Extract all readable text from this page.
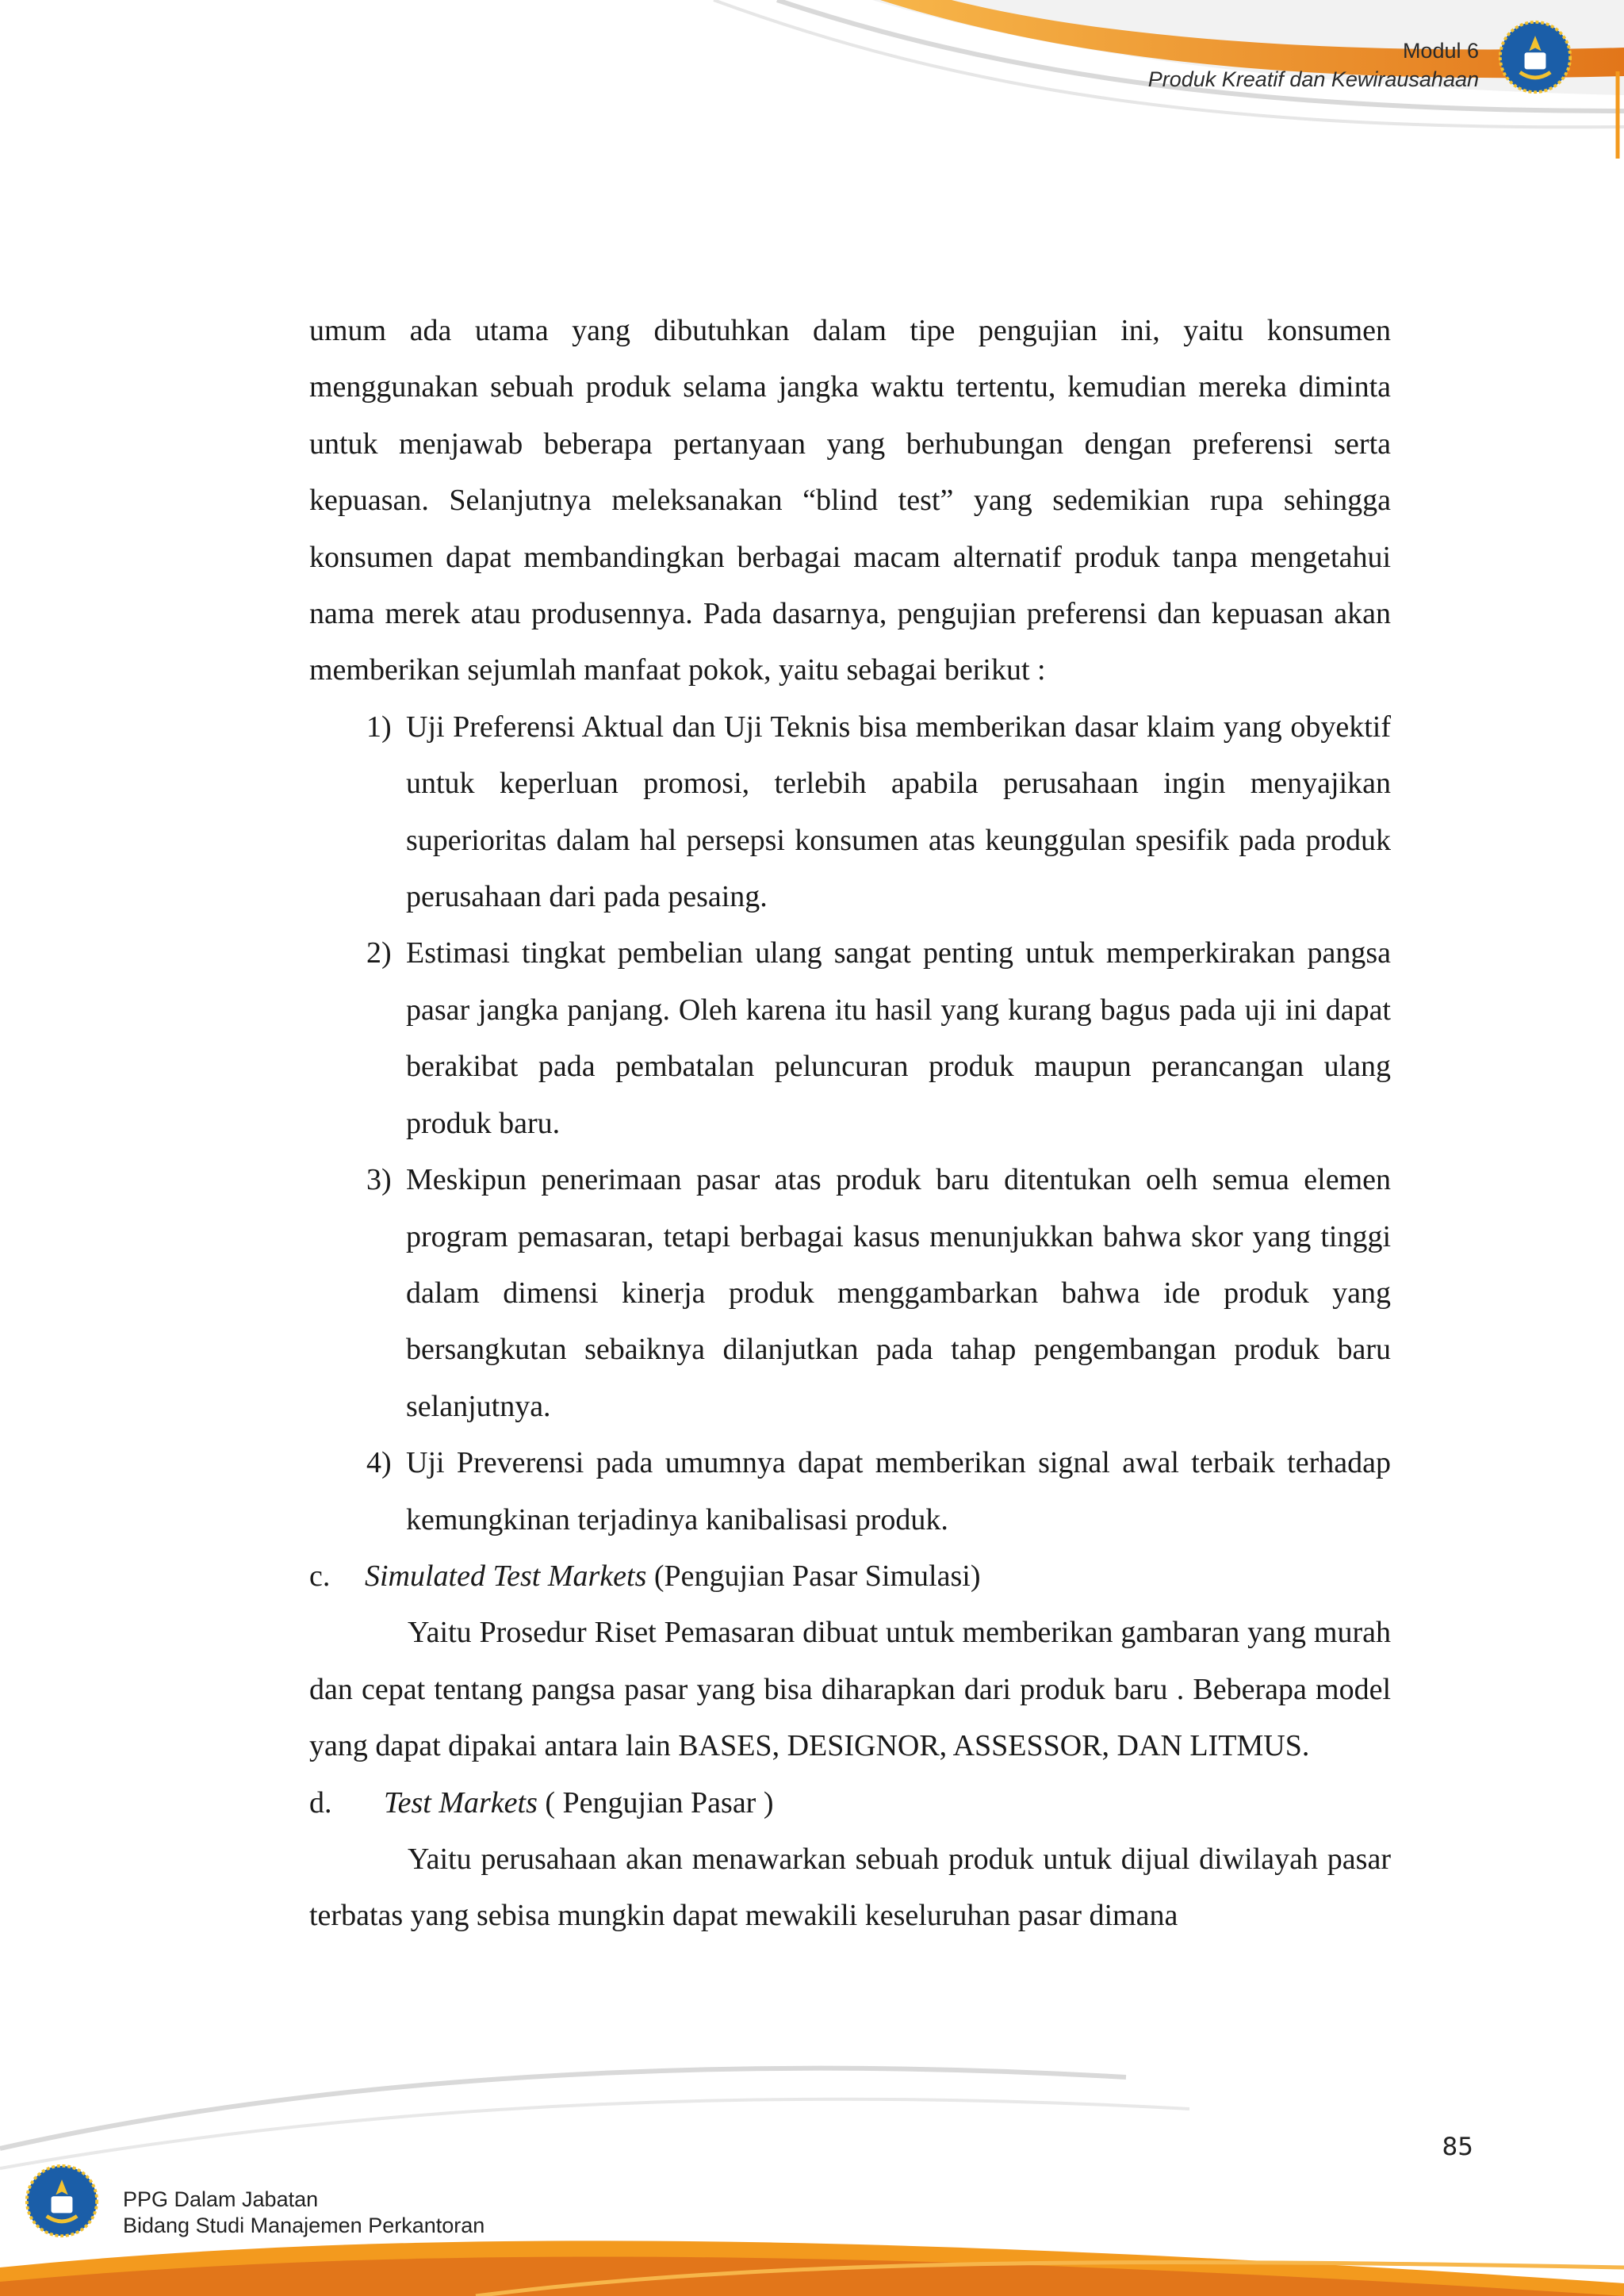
Modul 6
Produk Kreatif dan Kewirausahaan

umum ada utama yang dibutuhkan dalam tipe pengujian ini, yaitu konsumen menggunakan sebuah produk selama jangka waktu tertentu, kemudian mereka diminta untuk menjawab beberapa pertanyaan yang berhubungan dengan preferensi serta kepuasan. Selanjutnya meleksanakan “blind test” yang sedemikian rupa sehingga konsumen dapat membandingkan berbagai macam alternatif produk tanpa mengetahui nama merek atau produsennya. Pada dasarnya, pengujian preferensi dan kepuasan akan memberikan sejumlah manfaat pokok, yaitu sebagai berikut :

1) Uji Preferensi Aktual dan Uji Teknis bisa memberikan dasar klaim yang obyektif untuk keperluan promosi, terlebih apabila perusahaan ingin menyajikan superioritas dalam hal persepsi konsumen atas keunggulan spesifik pada produk perusahaan dari pada pesaing.
2) Estimasi tingkat pembelian ulang sangat penting untuk memperkirakan pangsa pasar jangka panjang. Oleh karena itu hasil yang kurang bagus pada uji ini dapat berakibat pada pembatalan peluncuran produk maupun perancangan ulang produk baru.
3) Meskipun penerimaan pasar atas produk baru ditentukan oelh semua elemen program pemasaran, tetapi berbagai kasus menunjukkan bahwa skor yang tinggi dalam dimensi kinerja produk menggambarkan bahwa ide produk yang bersangkutan sebaiknya dilanjutkan pada tahap pengembangan produk baru selanjutnya.
4) Uji Preverensi pada umumnya dapat memberikan signal awal terbaik terhadap kemungkinan terjadinya kanibalisasi produk.
c. Simulated Test Markets (Pengujian Pasar Simulasi)

Yaitu Prosedur Riset Pemasaran dibuat untuk memberikan gambaran yang murah dan cepat tentang pangsa pasar yang bisa diharapkan dari produk baru . Beberapa model yang dapat dipakai antara lain BASES, DESIGNOR, ASSESSOR, DAN LITMUS.

d. Test Markets ( Pengujian Pasar )

Yaitu perusahaan akan menawarkan sebuah produk untuk dijual diwilayah pasar terbatas yang sebisa mungkin dapat mewakili keseluruhan pasar dimana

85
PPG Dalam Jabatan
Bidang Studi Manajemen Perkantoran
